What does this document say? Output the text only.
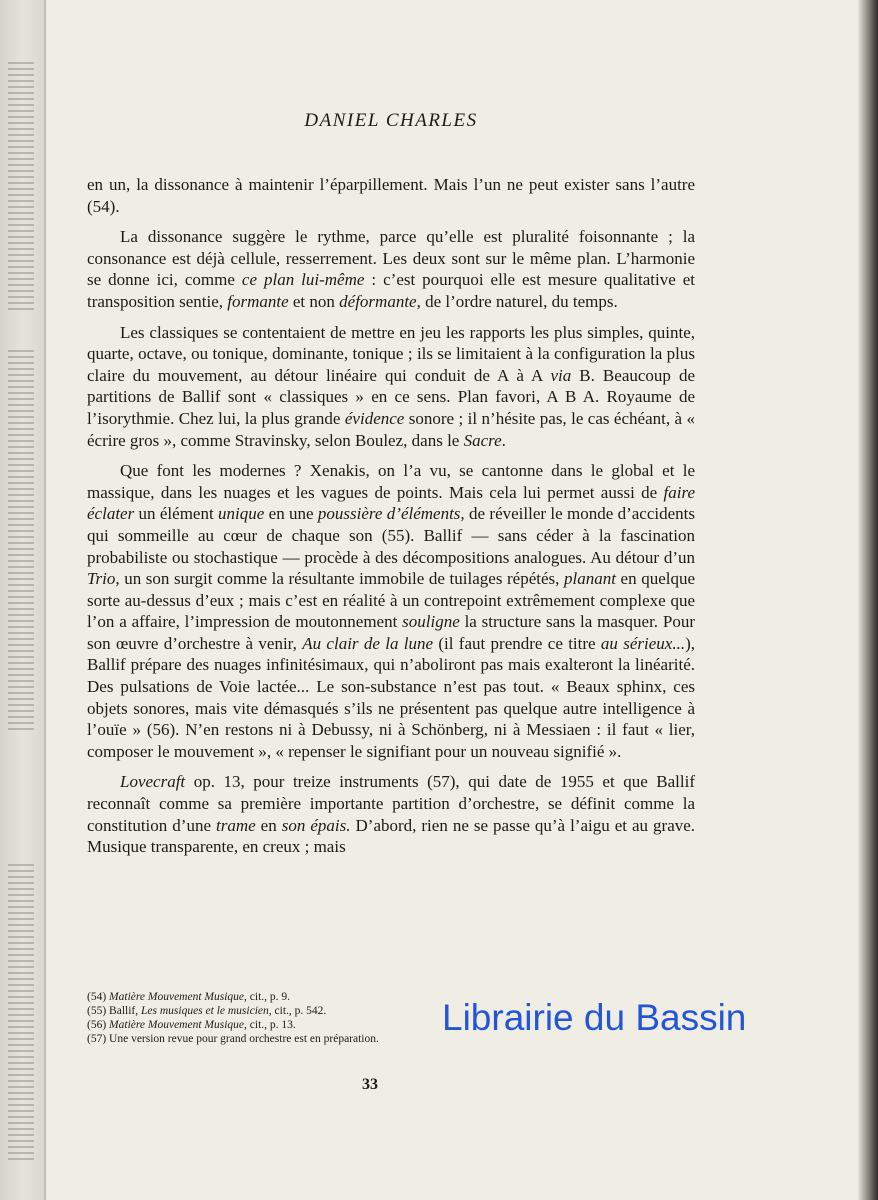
DANIEL CHARLES

en un, la dissonance à maintenir l’éparpillement. Mais l’un ne peut exister sans l’autre (54).

La dissonance suggère le rythme, parce qu’elle est pluralité foisonnante ; la consonance est déjà cellule, resserrement. Les deux sont sur le même plan. L’harmonie se donne ici, comme ce plan lui-même : c’est pourquoi elle est mesure qualitative et transposition sentie, formante et non déformante, de l’ordre naturel, du temps.

Les classiques se contentaient de mettre en jeu les rapports les plus simples, quinte, quarte, octave, ou tonique, dominante, tonique ; ils se limitaient à la configuration la plus claire du mouvement, au détour linéaire qui conduit de A à A via B. Beaucoup de partitions de Ballif sont « classiques » en ce sens. Plan favori, A B A. Royaume de l’isorythmie. Chez lui, la plus grande évidence sonore ; il n’hésite pas, le cas échéant, à « écrire gros », comme Stravinsky, selon Boulez, dans le Sacre.

Que font les modernes ? Xenakis, on l’a vu, se cantonne dans le global et le massique, dans les nuages et les vagues de points. Mais cela lui permet aussi de faire éclater un élément unique en une poussière d’éléments, de réveiller le monde d’accidents qui sommeille au cœur de chaque son (55). Ballif — sans céder à la fascination probabiliste ou stochastique — procède à des décompositions analogues. Au détour d’un Trio, un son surgit comme la résultante immobile de tuilages répétés, planant en quelque sorte au-dessus d’eux ; mais c’est en réalité à un contrepoint extrêmement complexe que l’on a affaire, l’impression de moutonnement souligne la structure sans la masquer. Pour son œuvre d’orchestre à venir, Au clair de la lune (il faut prendre ce titre au sérieux...), Ballif prépare des nuages infinitésimaux, qui n’aboliront pas mais exalteront la linéarité. Des pulsations de Voie lactée... Le son-substance n’est pas tout. « Beaux sphinx, ces objets sonores, mais vite démasqués s’ils ne présentent pas quelque autre intelligence à l’ouïe » (56). N’en restons ni à Debussy, ni à Schönberg, ni à Messiaen : il faut « lier, composer le mouvement », « repenser le signifiant pour un nouveau signifié ».

Lovecraft op. 13, pour treize instruments (57), qui date de 1955 et que Ballif reconnaît comme sa première importante partition d’orchestre, se définit comme la constitution d’une trame en son épais. D’abord, rien ne se passe qu’à l’aigu et au grave. Musique transparente, en creux ; mais

(54) Matière Mouvement Musique, cit., p. 9.
(55) Ballif, Les musiques et le musicien, cit., p. 542.
(56) Matière Mouvement Musique, cit., p. 13.
(57) Une version revue pour grand orchestre est en préparation.
33
Librairie du Bassin
